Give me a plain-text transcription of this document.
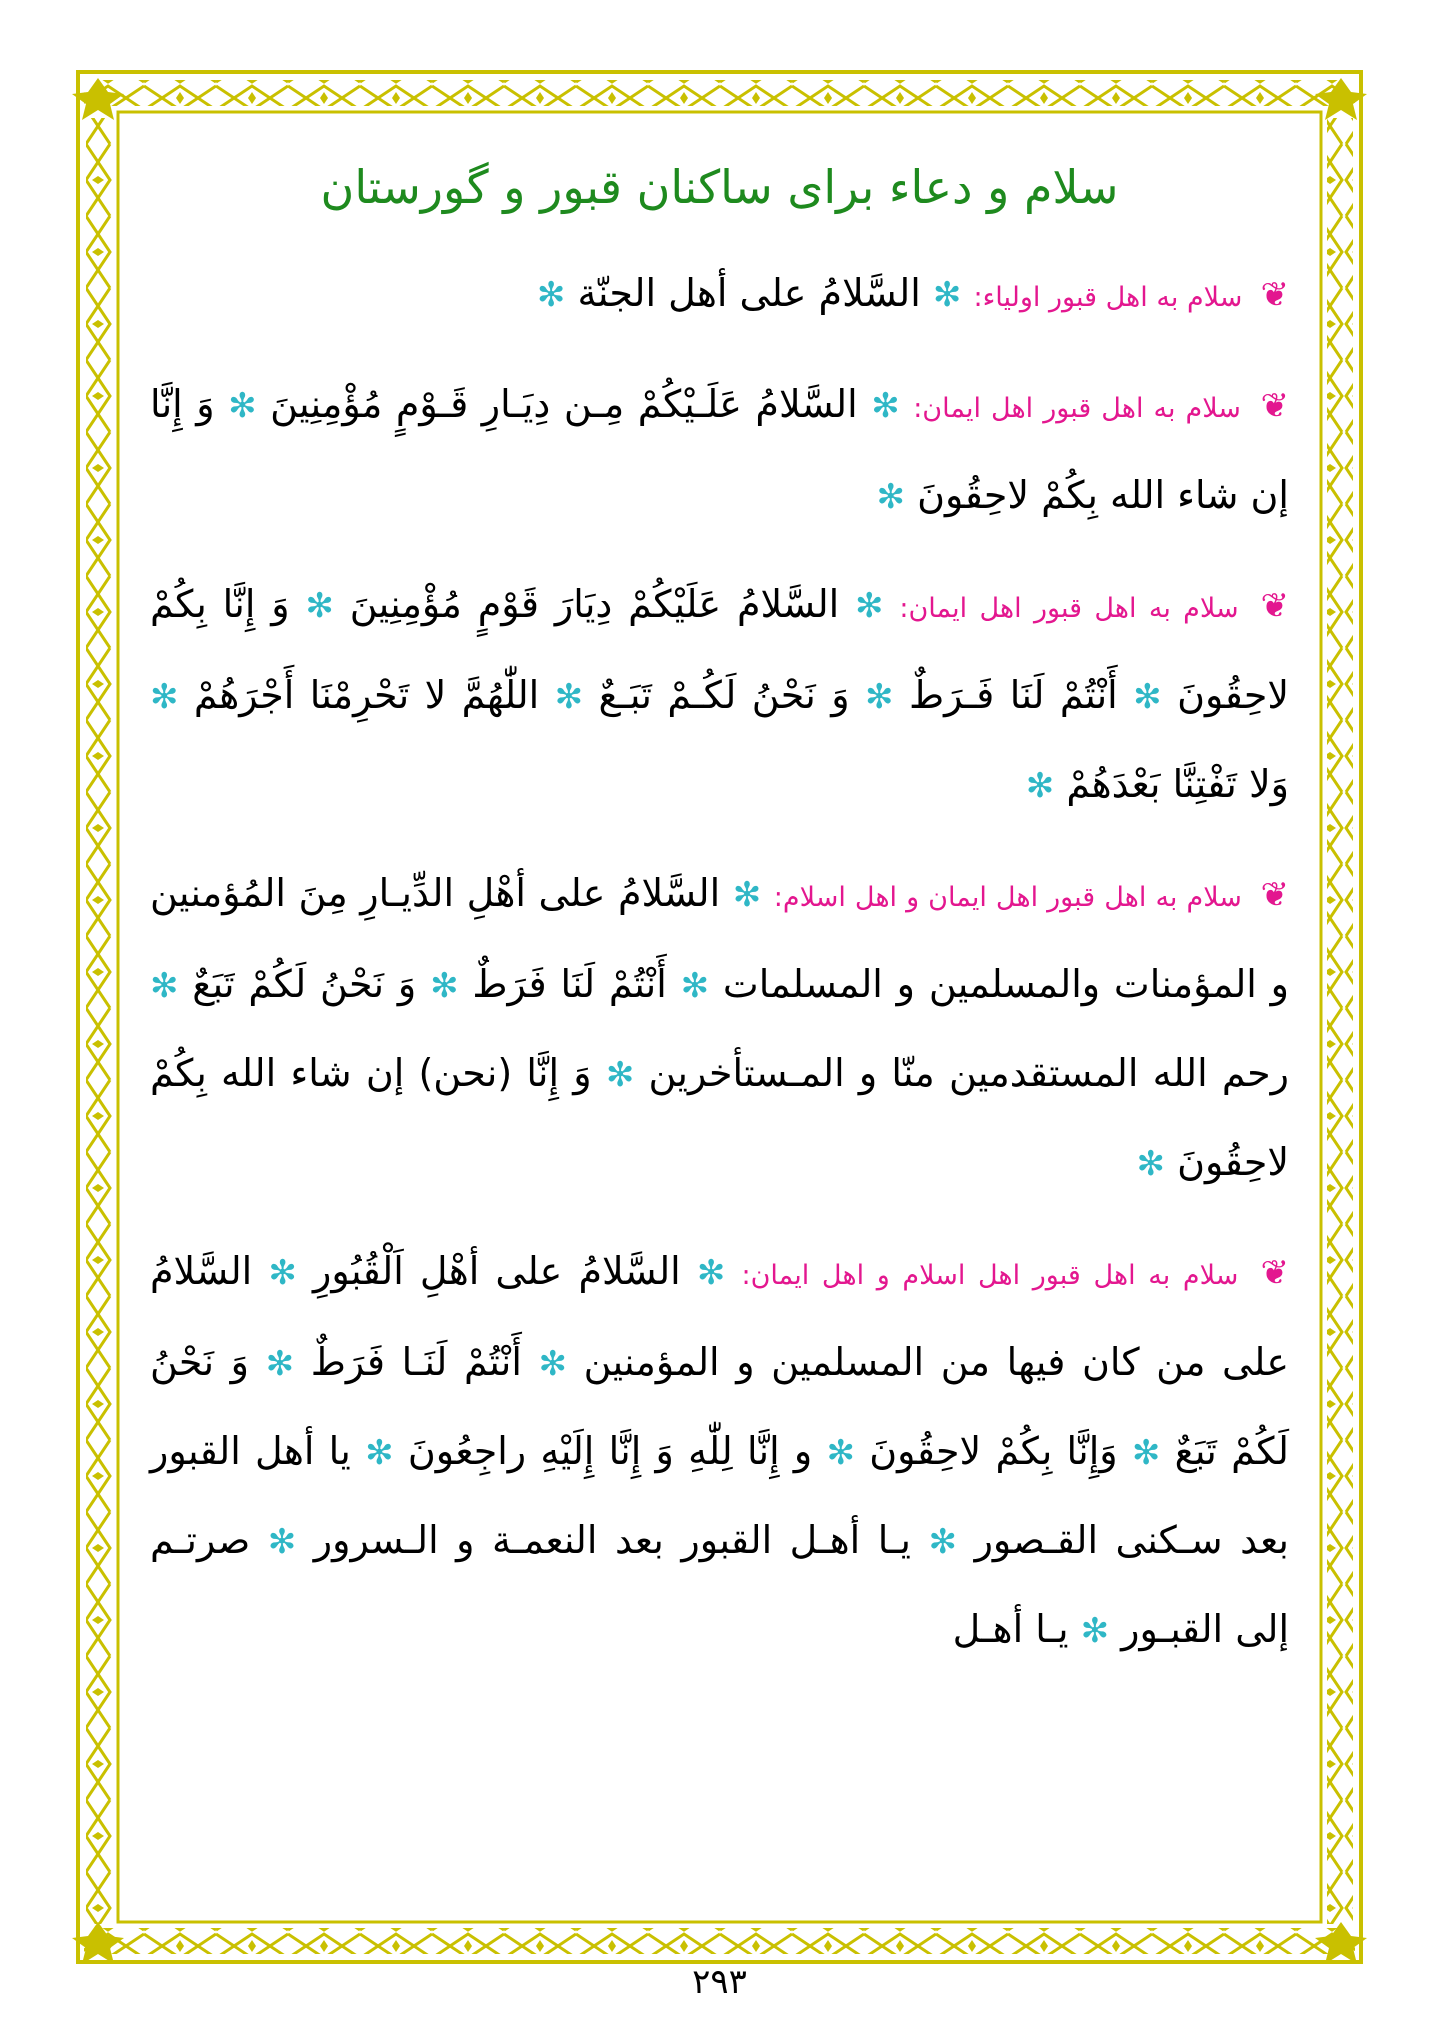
سلام و دعاء برای ساکنان قبور و گورستان

❦ سلام به اهل قبور اولیاء: ✻ السَّلامُ على أهل الجنّة ✻

❦ سلام به اهل قبور اهل ایمان: ✻ السَّلامُ عَلَـيْكُمْ مِـن دِيَـارِ قَـوْمٍ مُؤْمِنِينَ ✻ وَ إِنَّا إن شاء الله بِكُمْ لاحِقُونَ ✻

❦ سلام به اهل قبور اهل ایمان: ✻ السَّلامُ عَلَيْكُمْ دِيَارَ قَوْمٍ مُؤْمِنِينَ ✻ وَ إِنَّا بِكُمْ لاحِقُونَ ✻ أَنْتُمْ لَنَا فَـرَطٌ ✻ وَ نَحْنُ لَكُـمْ تَبَـعٌ ✻ اللّٰهُمَّ لا تَحْرِمْنَا أَجْرَهُمْ ✻ وَلا تَفْتِنَّا بَعْدَهُمْ ✻

❦ سلام به اهل قبور اهل ایمان و اهل اسلام: ✻ السَّلامُ على أهْلِ الدِّيـارِ مِنَ المُؤمنين و المؤمنات والمسلمين و المسلمات ✻ أَنْتُمْ لَنَا فَرَطٌ ✻ وَ نَحْنُ لَكُمْ تَبَعٌ ✻ رحم الله المستقدمين منّا و المـستأخرين ✻ وَ إِنَّا (نحن) إن شاء الله بِكُمْ لاحِقُونَ ✻

❦ سلام به اهل قبور اهل اسلام و اهل ایمان: ✻ السَّلامُ على أهْلِ اَلْقُبُورِ ✻ السَّلامُ على من كان فيها من المسلمين و المؤمنين ✻ أَنْتُمْ لَنَـا فَرَطٌ ✻ وَ نَحْنُ لَكُمْ تَبَعٌ ✻ وَإِنَّا بِكُمْ لاحِقُونَ ✻ و إِنَّا لِلّٰهِ وَ إِنَّا إِلَيْهِ راجِعُونَ ✻ يا أهل القبور بعد سـكنى القـصور ✻ يـا أهـل القبور بعد النعمـة و الـسرور ✻ صرتـم إلى القبـور ✻ يـا أهـل

۲۹۳
